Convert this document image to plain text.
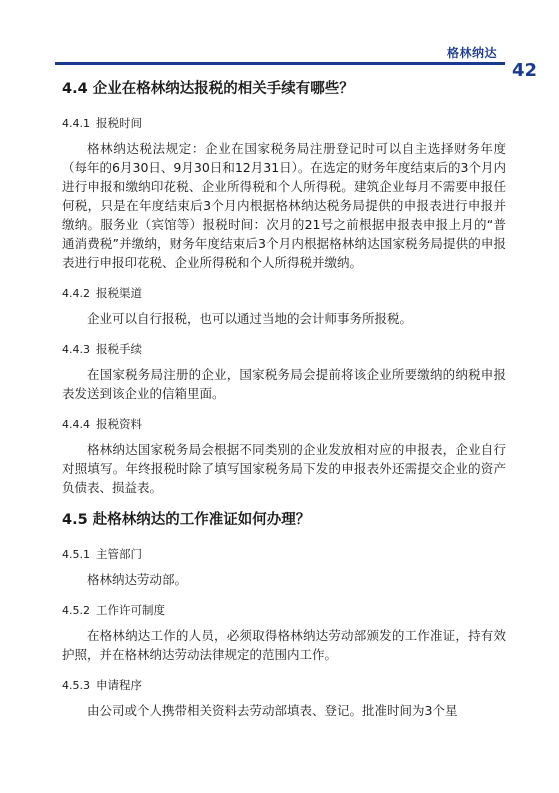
格林纳达
42
4.4 企业在格林纳达报税的相关手续有哪些？
4.4.1 报税时间

格林纳达税法规定：企业在国家税务局注册登记时可以自主选择财务年度（每年的6月30日、9月30日和12月31日）。在选定的财务年度结束后的3个月内进行申报和缴纳印花税、企业所得税和个人所得税。建筑企业每月不需要申报任何税，只是在年度结束后3个月内根据格林纳达税务局提供的申报表进行申报并缴纳。服务业（宾馆等）报税时间：次月的21号之前根据申报表申报上月的“普通消费税”并缴纳，财务年度结束后3个月内根据格林纳达国家税务局提供的申报表进行申报印花税、企业所得税和个人所得税并缴纳。

4.4.2 报税渠道

企业可以自行报税，也可以通过当地的会计师事务所报税。

4.4.3 报税手续

在国家税务局注册的企业，国家税务局会提前将该企业所要缴纳的纳税申报表发送到该企业的信箱里面。

4.4.4 报税资料

格林纳达国家税务局会根据不同类别的企业发放相对应的申报表，企业自行对照填写。年终报税时除了填写国家税务局下发的申报表外还需提交企业的资产负债表、损益表。

4.5 赴格林纳达的工作准证如何办理？
4.5.1 主管部门

格林纳达劳动部。

4.5.2 工作许可制度

在格林纳达工作的人员，必须取得格林纳达劳动部颁发的工作准证，持有效护照，并在格林纳达劳动法律规定的范围内工作。

4.5.3 申请程序

由公司或个人携带相关资料去劳动部填表、登记。批准时间为3个星
